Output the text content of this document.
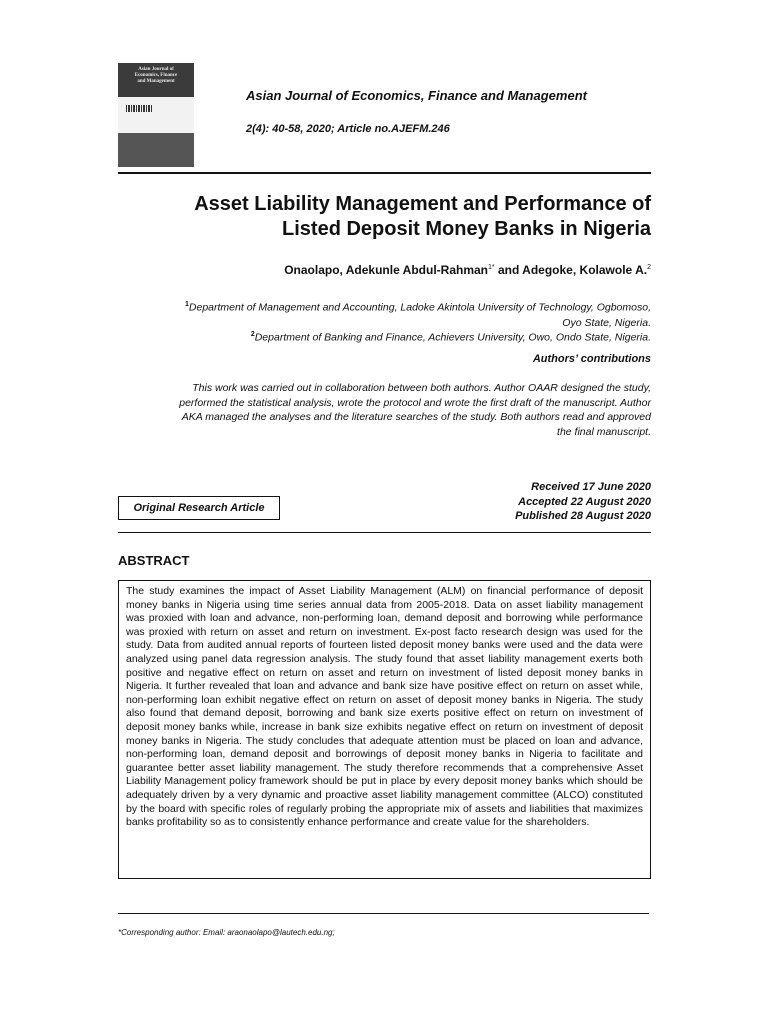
Asian Journal of
Economics, Finance
and Management
Asian Journal of Economics, Finance and Management
2(4): 40-58, 2020; Article no.AJEFM.246
Asset Liability Management and Performance of
Listed Deposit Money Banks in Nigeria
Onaolapo, Adekunle Abdul-Rahman$^{1*}$ and Adegoke, Kolawole A.$^2$
$^1$Department of Management and Accounting, Ladoke Akintola University of Technology, Ogbomoso,
Oyo State, Nigeria.
$^2$Department of Banking and Finance, Achievers University, Owo, Ondo State, Nigeria.
Authors’ contributions
This work was carried out in collaboration between both authors. Author OAAR designed the study,
performed the statistical analysis, wrote the protocol and wrote the first draft of the manuscript. Author
AKA managed the analyses and the literature searches of the study. Both authors read and approved
the final manuscript.
Original Research Article
Received 17 June 2020
Accepted 22 August 2020
Published 28 August 2020
ABSTRACT
The study examines the impact of Asset Liability Management (ALM) on financial performance of deposit money banks in Nigeria using time series annual data from 2005-2018. Data on asset liability management was proxied with loan and advance, non-performing loan, demand deposit and borrowing while performance was proxied with return on asset and return on investment. Ex-post facto research design was used for the study. Data from audited annual reports of fourteen listed deposit money banks were used and the data were analyzed using panel data regression analysis. The study found that asset liability management exerts both positive and negative effect on return on asset and return on investment of listed deposit money banks in Nigeria. It further revealed that loan and advance and bank size have positive effect on return on asset while, non-performing loan exhibit negative effect on return on asset of deposit money banks in Nigeria. The study also found that demand deposit, borrowing and bank size exerts positive effect on return on investment of deposit money banks while, increase in bank size exhibits negative effect on return on investment of deposit money banks in Nigeria. The study concludes that adequate attention must be placed on loan and advance, non-performing loan, demand deposit and borrowings of deposit money banks in Nigeria to facilitate and guarantee better asset liability management. The study therefore recommends that a comprehensive Asset Liability Management policy framework should be put in place by every deposit money banks which should be adequately driven by a very dynamic and proactive asset liability management committee (ALCO) constituted by the board with specific roles of regularly probing the appropriate mix of assets and liabilities that maximizes banks profitability so as to consistently enhance performance and create value for the shareholders.
*Corresponding author: Email: araonaolapo@lautech.edu.ng;
